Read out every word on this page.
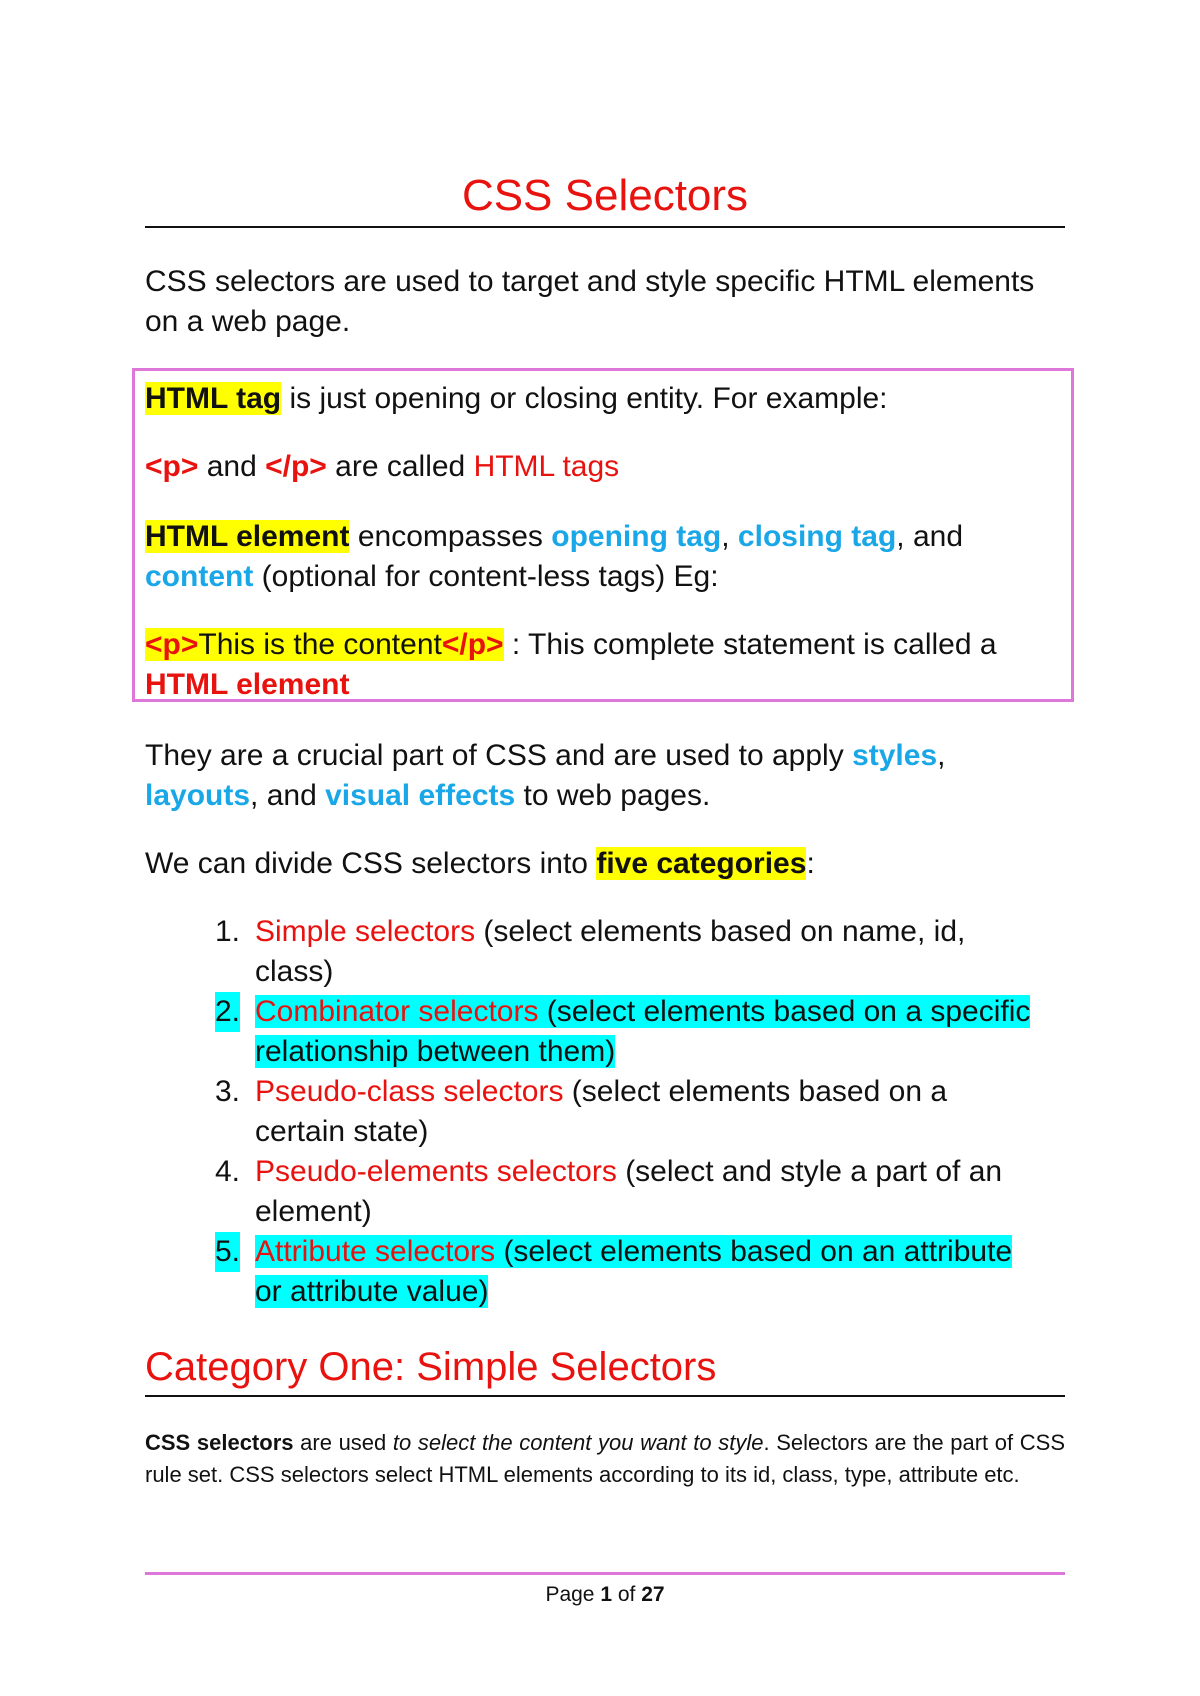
CSS Selectors
CSS selectors are used to target and style specific HTML elements on a web page.
HTML tag is just opening or closing entity. For example:
<p> and </p> are called HTML tags
HTML element encompasses opening tag, closing tag, and content (optional for content-less tags) Eg:
<p>This is the content</p> : This complete statement is called a HTML element
They are a crucial part of CSS and are used to apply styles, layouts, and visual effects to web pages.
We can divide CSS selectors into five categories:
1. Simple selectors (select elements based on name, id, class)
2. Combinator selectors (select elements based on a specific relationship between them)
3. Pseudo-class selectors (select elements based on a certain state)
4. Pseudo-elements selectors (select and style a part of an element)
5. Attribute selectors (select elements based on an attribute or attribute value)
Category One: Simple Selectors
CSS selectors are used to select the content you want to style. Selectors are the part of CSS rule set. CSS selectors select HTML elements according to its id, class, type, attribute etc.
Page 1 of 27
